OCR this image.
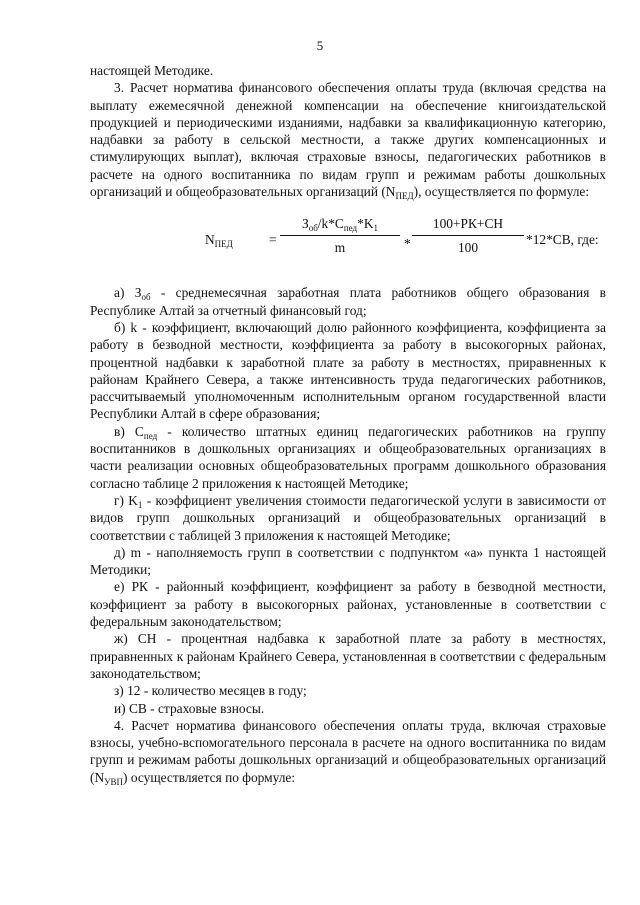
5

настоящей Методике.

3. Расчет норматива финансового обеспечения оплаты труда (включая средства на выплату ежемесячной денежной компенсации на обеспечение книгоиздательской продукцией и периодическими изданиями, надбавки за квалификационную категорию, надбавки за работу в сельской местности, а также других компенсационных и стимулирующих выплат), включая страховые взносы, педагогических работников в расчете на одного воспитанника по видам групп и режимам работы дошкольных организаций и общеобразовательных организаций $(N_{ПЕД})$, осуществляется по формуле:

$N_{ПЕД}$	=
$З_{об}/k*C_{пед}*K_1$
m	*
100+РК+СН
100	*12*СВ, где:

а) $З_{об}$ - среднемесячная заработная плата работников общего образования в Республике Алтай за отчетный финансовый год;

б) k - коэффициент, включающий долю районного коэффициента, коэффициента за работу в безводной местности, коэффициента за работу в высокогорных районах, процентной надбавки к заработной плате за работу в местностях, приравненных к районам Крайнего Севера, а также интенсивность труда педагогических работников, рассчитываемый уполномоченным исполнительным органом государственной власти Республики Алтай в сфере образования;

в) $С_{пед}$ - количество штатных единиц педагогических работников на группу воспитанников в дошкольных организациях и общеобразовательных организациях в части реализации основных общеобразовательных программ дошкольного образования согласно таблице 2 приложения к настоящей Методике;

г) $K_1$ - коэффициент увеличения стоимости педагогической услуги в зависимости от видов групп дошкольных организаций и общеобразовательных организаций в соответствии с таблицей 3 приложения к настоящей Методике;

д) m - наполняемость групп в соответствии с подпунктом «а» пункта 1 настоящей Методики;

е) РК - районный коэффициент, коэффициент за работу в безводной местности, коэффициент за работу в высокогорных районах, установленные в соответствии с федеральным законодательством;

ж) СН - процентная надбавка к заработной плате за работу в местностях, приравненных к районам Крайнего Севера, установленная в соответствии с федеральным законодательством;

з) 12 - количество месяцев в году;

и) СВ - страховые взносы.

4. Расчет норматива финансового обеспечения оплаты труда, включая страховые взносы, учебно-вспомогательного персонала в расчете на одного воспитанника по видам групп и режимам работы дошкольных организаций и общеобразовательных организаций $(N_{УВП})$ осуществляется по формуле:
